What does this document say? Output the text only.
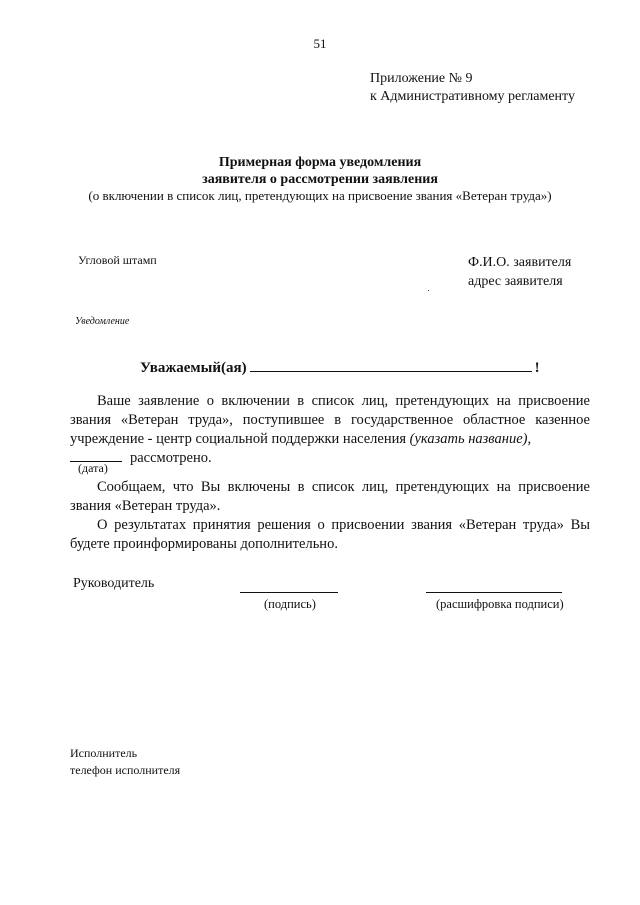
51
Приложение № 9
к Административному регламенту
Примерная форма уведомления
заявителя о рассмотрении заявления
(о включении в список лиц, претендующих на присвоение звания «Ветеран труда»)
Угловой штамп	Ф.И.О. заявителя
адрес заявителя
Уведомление
Уважаемый(ая)	!

Ваше заявление о включении в список лиц, претендующих на присвоение звания «Ветеран труда», поступившее в государственное областное казенное учреждение - центр социальной поддержки населения (указать название),
рассмотрено.

(дата)

Сообщаем, что Вы включены в список лиц, претендующих на присвоение звания «Ветеран труда».

О результатах принятия решения о присвоении звания «Ветеран труда» Вы будете проинформированы дополнительно.

Руководитель
(подпись)	(расшифровка подписи)
Исполнитель
телефон исполнителя
